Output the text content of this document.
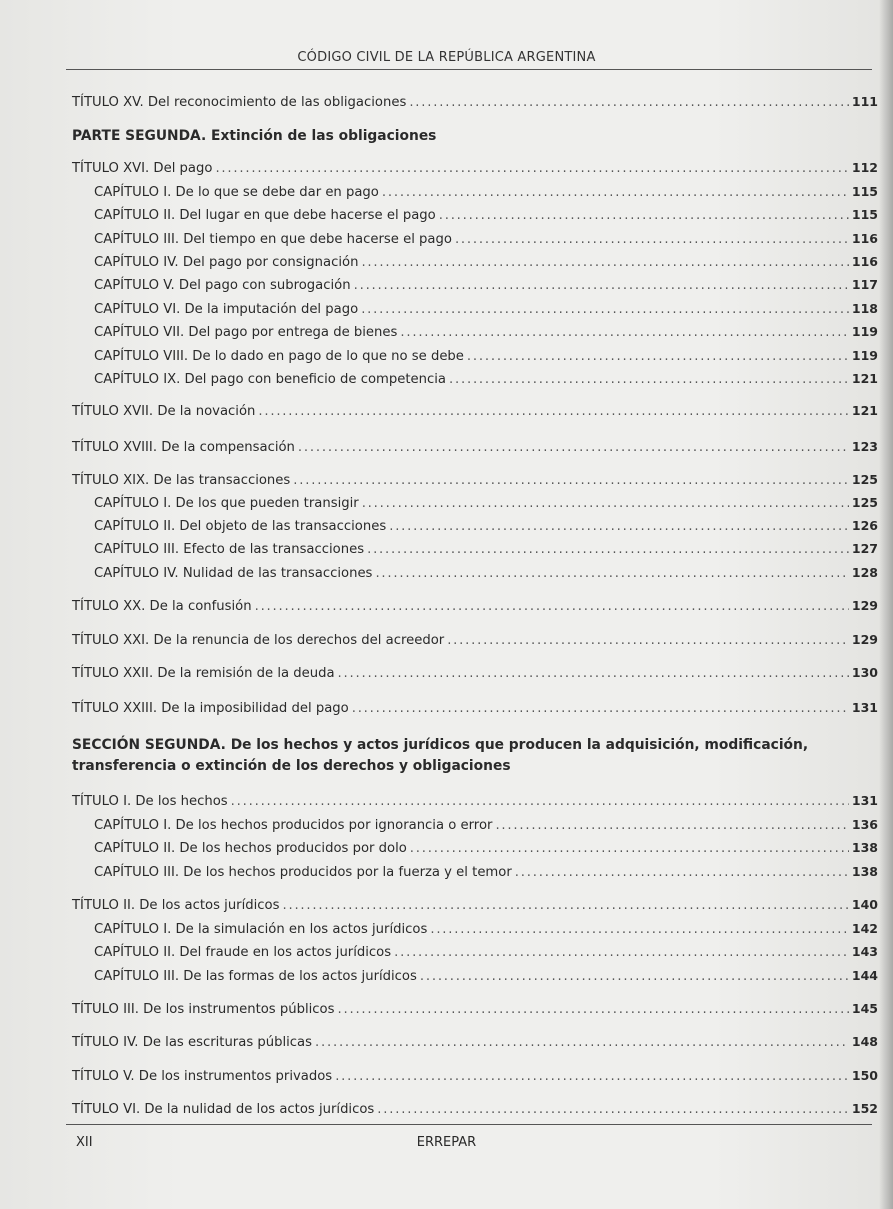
CÓDIGO CIVIL DE LA REPÚBLICA ARGENTINA
TÍTULO XV. Del reconocimiento de las obligaciones . . .	111
PARTE SEGUNDA. Extinción de las obligaciones
TÍTULO XVI. Del pago . . .	112
CAPÍTULO I. De lo que se debe dar en pago . . .	115
CAPÍTULO II. Del lugar en que debe hacerse el pago . . .	115
CAPÍTULO III. Del tiempo en que debe hacerse el pago . . .	116
CAPÍTULO IV. Del pago por consignación . . .	116
CAPÍTULO V. Del pago con subrogación . . .	117
CAPÍTULO VI. De la imputación del pago . . .	118
CAPÍTULO VII. Del pago por entrega de bienes . . .	119
CAPÍTULO VIII. De lo dado en pago de lo que no se debe . . .	119
CAPÍTULO IX. Del pago con beneficio de competencia . . .	121
TÍTULO XVII. De la novación . . .	121
TÍTULO XVIII. De la compensación . . .	123
TÍTULO XIX. De las transacciones . . .	125
CAPÍTULO I. De los que pueden transigir . . .	125
CAPÍTULO II. Del objeto de las transacciones . . .	126
CAPÍTULO III. Efecto de las transacciones . . .	127
CAPÍTULO IV. Nulidad de las transacciones . . .	128
TÍTULO XX. De la confusión . . .	129
TÍTULO XXI. De la renuncia de los derechos del acreedor . . .	129
TÍTULO XXII. De la remisión de la deuda . . .	130
TÍTULO XXIII. De la imposibilidad del pago . . .	131
SECCIÓN SEGUNDA. De los hechos y actos jurídicos que producen la adquisición, modificación, transferencia o extinción de los derechos y obligaciones
TÍTULO I. De los hechos . . .	131
CAPÍTULO I. De los hechos producidos por ignorancia o error . . .	136
CAPÍTULO II. De los hechos producidos por dolo . . .	138
CAPÍTULO III. De los hechos producidos por la fuerza y el temor . . .	138
TÍTULO II. De los actos jurídicos . . .	140
CAPÍTULO I. De la simulación en los actos jurídicos . . .	142
CAPÍTULO II. Del fraude en los actos jurídicos . . .	143
CAPÍTULO III. De las formas de los actos jurídicos . . .	144
TÍTULO III. De los instrumentos públicos . . .	145
TÍTULO IV. De las escrituras públicas . . .	148
TÍTULO V. De los instrumentos privados . . .	150
TÍTULO VI. De la nulidad de los actos jurídicos . . .	152
XII	ERREPAR
